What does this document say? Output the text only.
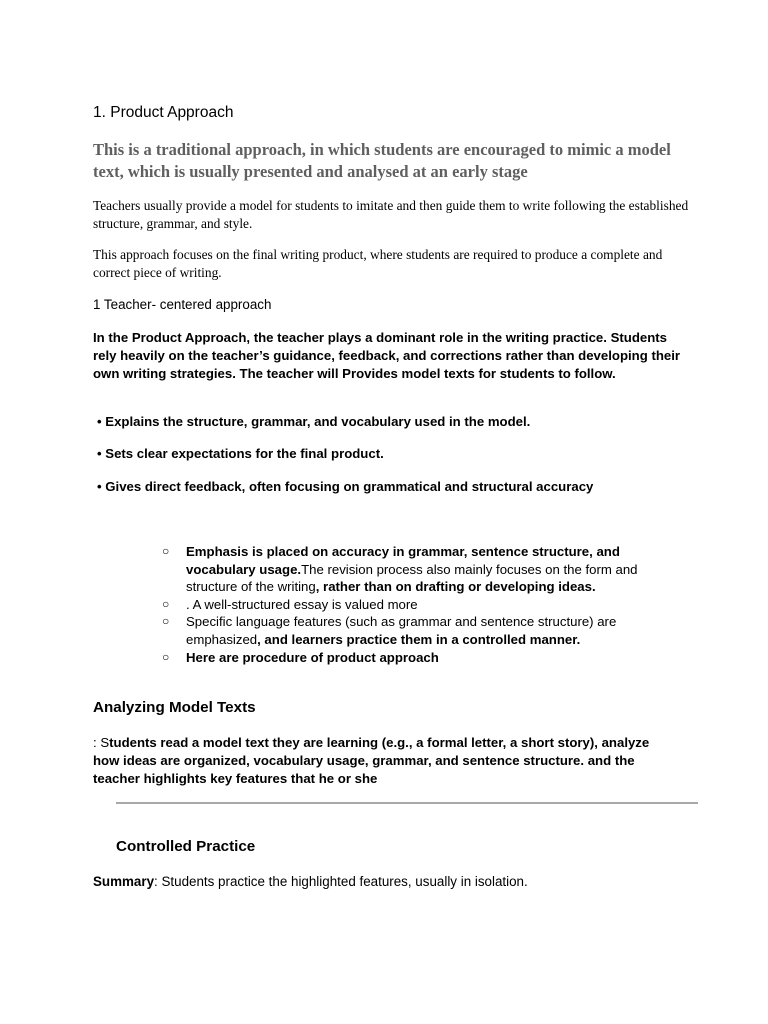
1. Product Approach
This is a traditional approach, in which students are encouraged to mimic a model text, which is usually presented and analysed at an early stage
Teachers usually provide a model for students to imitate and then guide them to write following the established structure, grammar, and style.
This approach focuses on the final writing product, where students are required to produce a complete and correct piece of writing.
1 Teacher- centered approach
In the Product Approach, the teacher plays a dominant role in the writing practice. Students rely heavily on the teacher’s guidance, feedback, and corrections rather than developing their own writing strategies. The teacher will Provides model texts for students to follow.
• Explains the structure, grammar, and vocabulary used in the model.
• Sets clear expectations for the final product.
• Gives direct feedback, often focusing on grammatical and structural accuracy
○	Emphasis is placed on accuracy in grammar, sentence structure, and vocabulary usage.The revision process also mainly focuses on the form and structure of the writing, rather than on drafting or developing ideas.
○	. A well-structured essay is valued more
○	Specific language features (such as grammar and sentence structure) are emphasized, and learners practice them in a controlled manner.
○	Here are procedure of product approach
Analyzing Model Texts
: Students read a model text they are learning (e.g., a formal letter, a short story), analyze how ideas are organized, vocabulary usage, grammar, and sentence structure. and the teacher highlights key features that he or she
Controlled Practice
Summary: Students practice the highlighted features, usually in isolation.
